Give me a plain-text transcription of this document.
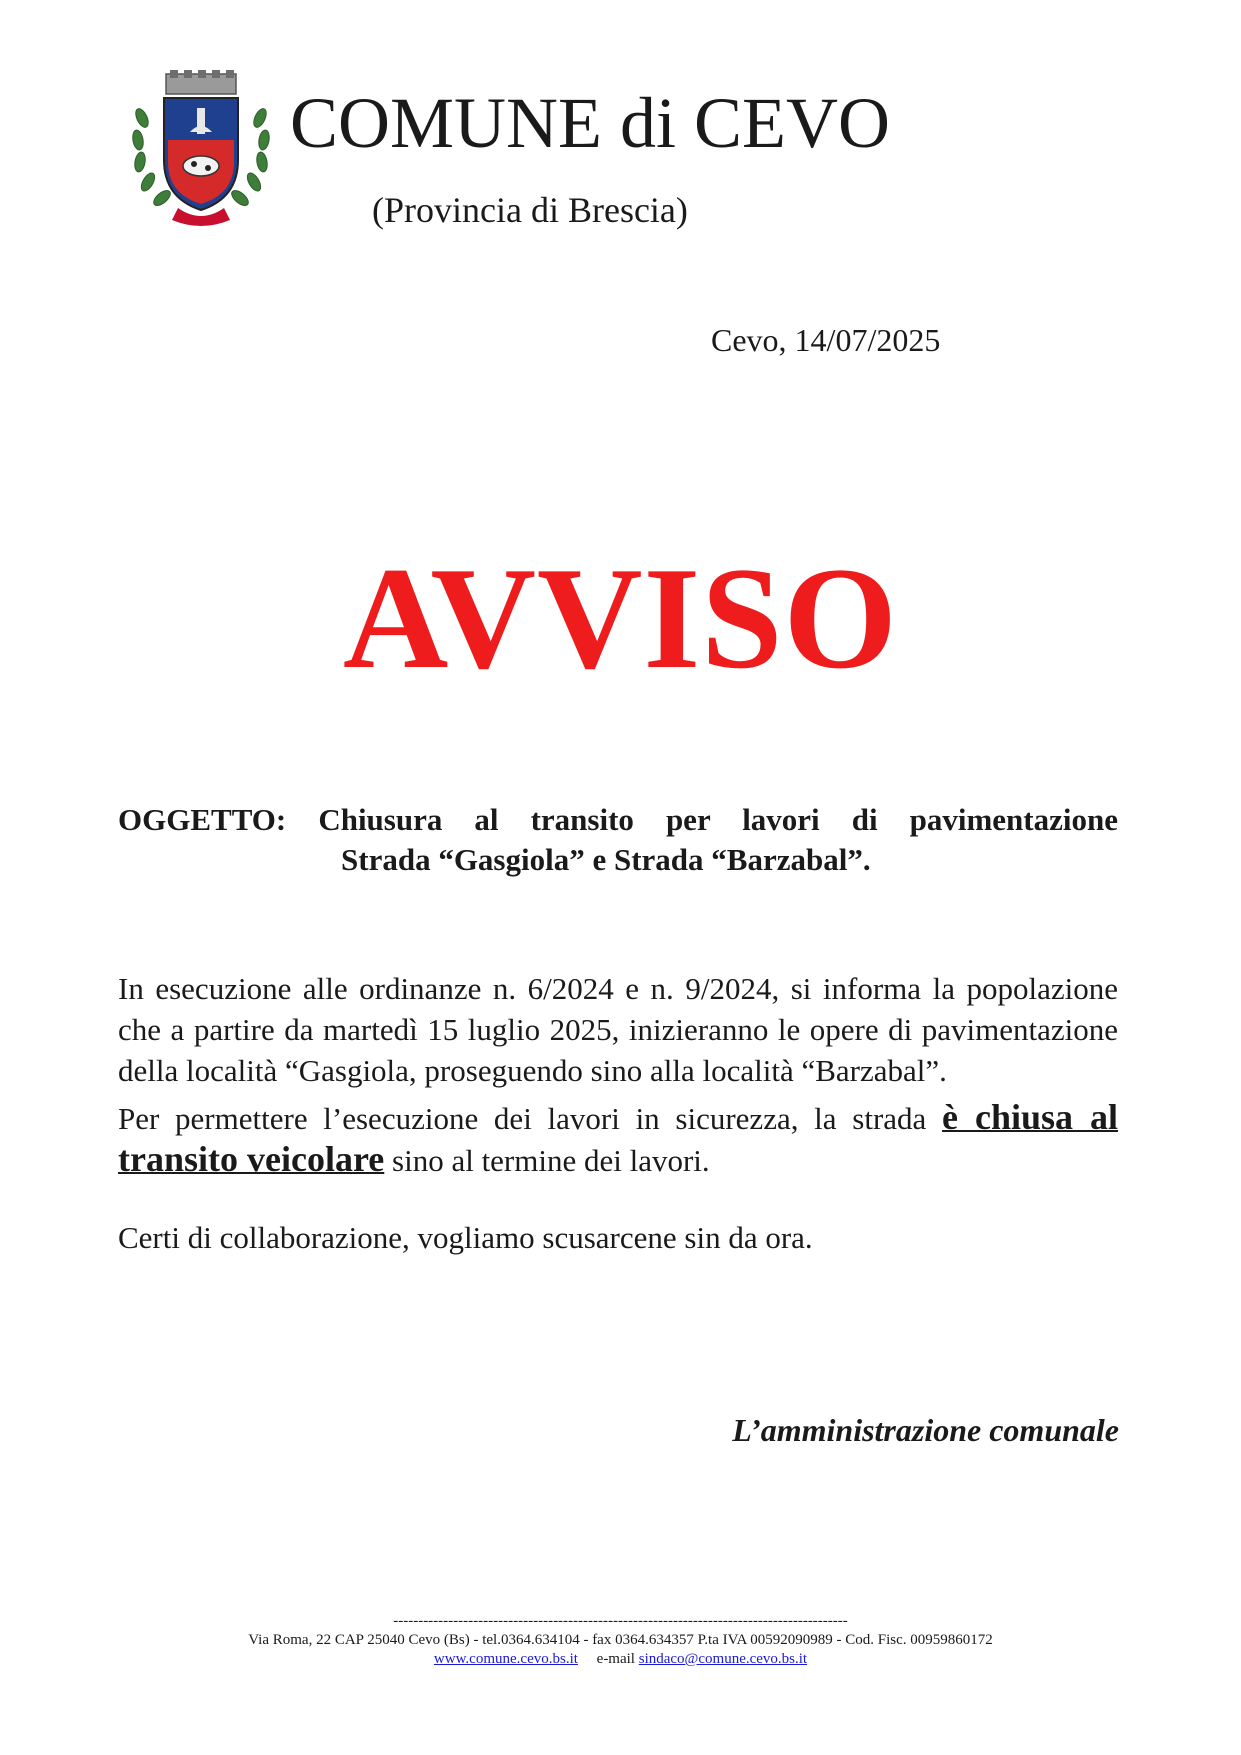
COMUNE di CEVO
(Provincia di Brescia)
Cevo, 14/07/2025
AVVISO
OGGETTO: Chiusura al transito per lavori di pavimentazione
Strada “Gasgiola” e Strada “Barzabal”.

In esecuzione alle ordinanze n. 6/2024 e n. 9/2024, si informa la popolazione che a partire da martedì 15 luglio 2025, inizieranno le opere di pavimentazione della località “Gasgiola, proseguendo sino alla località “Barzabal”.

Per permettere l’esecuzione dei lavori in sicurezza, la strada è chiusa al transito veicolare sino al termine dei lavori.

Certi di collaborazione, vogliamo scusarcene sin da ora.

L’amministrazione comunale
-------------------------------------------------------------------------------------------
Via Roma, 22 CAP 25040 Cevo (Bs) - tel.0364.634104 - fax 0364.634357 P.ta IVA 00592090989 - Cod. Fisc. 00959860172
www.comune.cevo.bs.it e-mail sindaco@comune.cevo.bs.it
